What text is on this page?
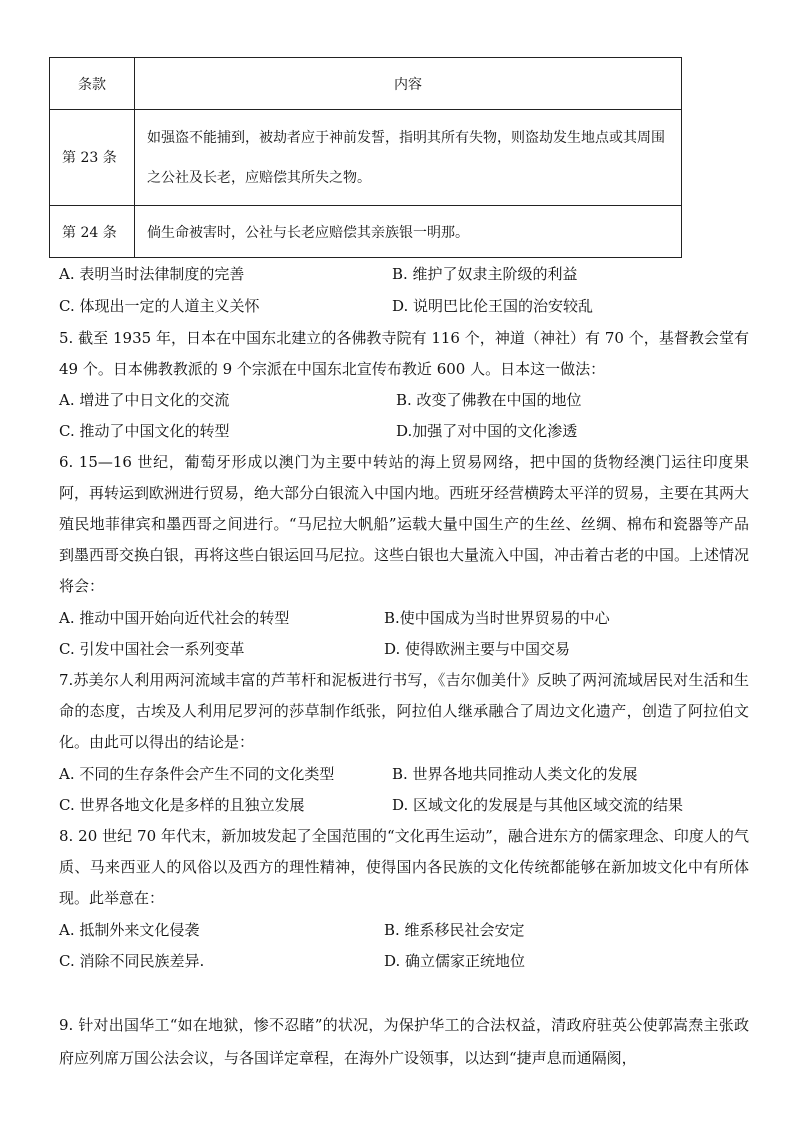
条款	内容
第 23 条	如强盗不能捕到，被劫者应于神前发誓，指明其所有失物，则盗劫发生地点或其周围之公社及长老，应赔偿其所失之物。
第 24 条	倘生命被害时，公社与长老应赔偿其亲族银一明那。
A. 表明当时法律制度的完善	B. 维护了奴隶主阶级的利益
C. 体现出一定的人道主义关怀	D. 说明巴比伦王国的治安较乱
5. 截至 1935 年，日本在中国东北建立的各佛教寺院有 116 个，神道（神社）有 70 个，基督教会堂有 49 个。日本佛教教派的 9 个宗派在中国东北宣传布教近 600 人。日本这一做法：
A. 增进了中日文化的交流	B. 改变了佛教在中国的地位
C. 推动了中国文化的转型	D.加强了对中国的文化渗透
6. 15—16 世纪，葡萄牙形成以澳门为主要中转站的海上贸易网络，把中国的货物经澳门运往印度果阿，再转运到欧洲进行贸易，绝大部分白银流入中国内地。西班牙经营横跨太平洋的贸易，主要在其两大殖民地菲律宾和墨西哥之间进行。“马尼拉大帆船”运载大量中国生产的生丝、丝绸、棉布和瓷器等产品到墨西哥交换白银，再将这些白银运回马尼拉。这些白银也大量流入中国，冲击着古老的中国。上述情况将会：
A. 推动中国开始向近代社会的转型	B.使中国成为当时世界贸易的中心
C. 引发中国社会一系列变革	D. 使得欧洲主要与中国交易
7.苏美尔人利用两河流域丰富的芦苇杆和泥板进行书写，《吉尔伽美什》反映了两河流域居民对生活和生命的态度，古埃及人利用尼罗河的莎草制作纸张，阿拉伯人继承融合了周边文化遗产，创造了阿拉伯文化。由此可以得出的结论是：
A. 不同的生存条件会产生不同的文化类型	B. 世界各地共同推动人类文化的发展
C. 世界各地文化是多样的且独立发展	D. 区域文化的发展是与其他区域交流的结果
8. 20 世纪 70 年代末，新加坡发起了全国范围的“文化再生运动”，融合进东方的儒家理念、印度人的气质、马来西亚人的风俗以及西方的理性精神，使得国内各民族的文化传统都能够在新加坡文化中有所体现。此举意在：
A. 抵制外来文化侵袭	B. 维系移民社会安定
C. 消除不同民族差异.	D. 确立儒家正统地位
9. 针对出国华工“如在地狱，惨不忍睹”的状况，为保护华工的合法权益，清政府驻英公使郭嵩焘主张政府应列席万国公法会议，与各国详定章程，在海外广设领事，以达到“捷声息而通隔阂，
